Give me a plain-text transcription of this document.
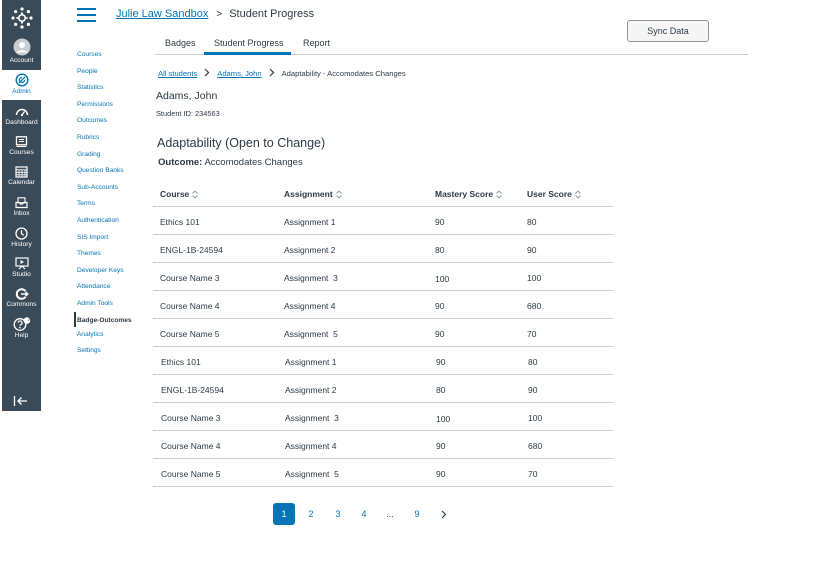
Account
Admin
Dashboard
Courses
Calendar
Inbox
History
Studio
Commons
Help
7
Julie Law Sandbox > Student Progress
Sync Data
Badges Student Progress Report
Courses
People
Statistics
Permissions
Outcomes
Rubrics
Grading
Question Banks
Sub-Accounts
Terms
Authentication
SIS Import
Themes
Developer Keys
Attendance
Admin Tools
Badge-Outcomes
Analytics
Settings
All students	Adams, John	Adaptability - Accomodates Changes
Adams, John
Student ID: 234563
Adaptability (Open to Change)
Outcome: Accomodates Changes
Course	Assignment	Mastery Score	User Score
Ethics 101	Assignment 1	90	80
ENGL-1B-24594	Assignment 2	80	90
Course Name 3	Assignment  3	100	100
Course Name 4	Assignment 4	90	680
Course Name 5	Assignment  5	90	70
Ethics 101	Assignment 1	90	80
ENGL-1B-24594	Assignment 2	80	90
Course Name 3	Assignment  3	100	100
Course Name 4	Assignment 4	90	680
Course Name 5	Assignment  5	90	70
1	2	3	4	...	9
